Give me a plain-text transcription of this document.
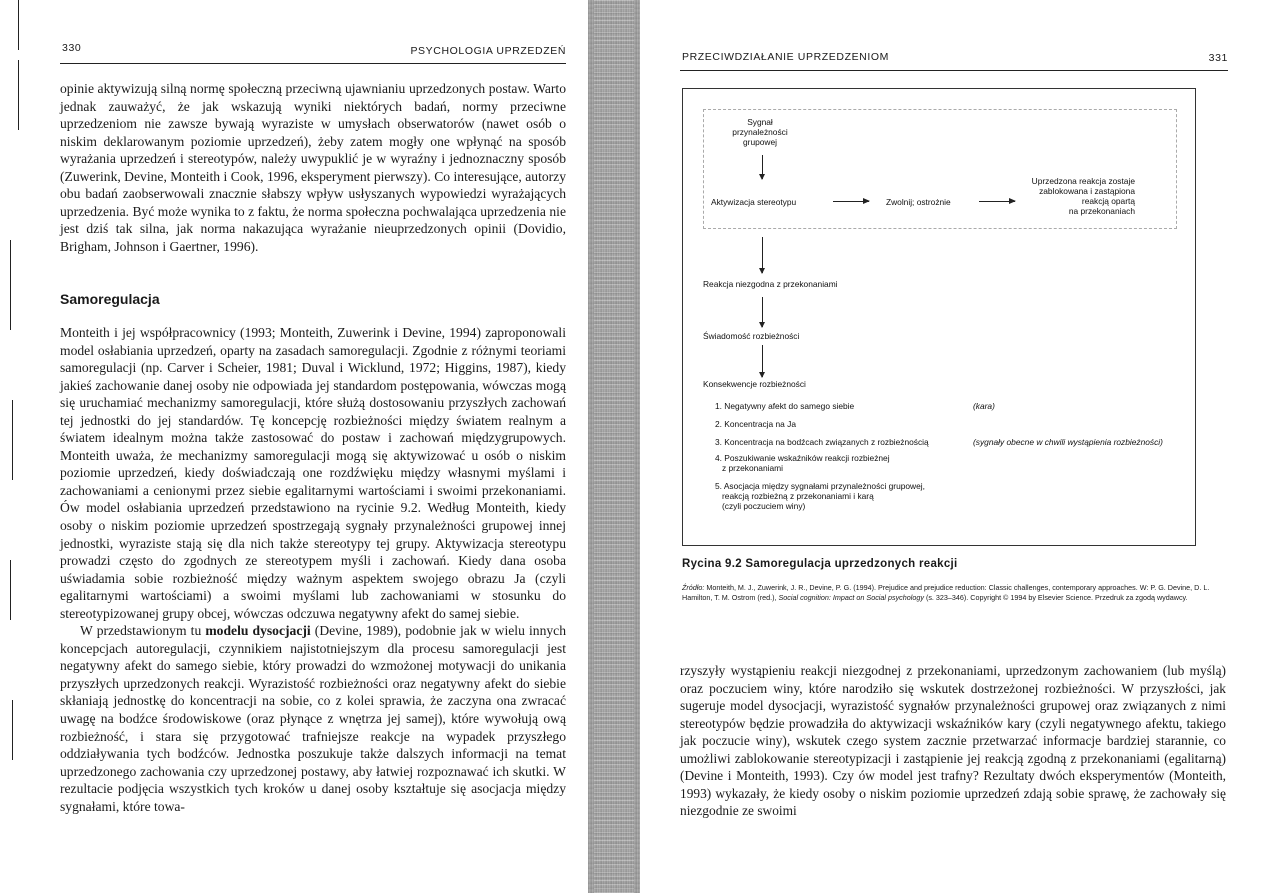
330	PSYCHOLOGIA UPRZEDZEŃ

opinie aktywizują silną normę społeczną przeciwną ujawnianiu uprzedzonych postaw. Warto jednak zauważyć, że jak wskazują wyniki niektórych badań, normy przeciwne uprzedzeniom nie zawsze bywają wyraziste w umysłach obserwatorów (nawet osób o niskim deklarowanym poziomie uprzedzeń), żeby zatem mogły one wpłynąć na sposób wyrażania uprzedzeń i stereotypów, należy uwypuklić je w wyraźny i jednoznaczny sposób (Zuwerink, Devine, Monteith i Cook, 1996, eksperyment pierwszy). Co interesujące, autorzy obu badań zaobserwowali znacznie słabszy wpływ usłyszanych wypowiedzi wyrażających uprzedzenia. Być może wynika to z faktu, że norma społeczna pochwalająca uprzedzenia nie jest dziś tak silna, jak norma nakazująca wyrażanie nieuprzedzonych opinii (Dovidio, Brigham, Johnson i Gaertner, 1996).

Samoregulacja

Monteith i jej współpracownicy (1993; Monteith, Zuwerink i Devine, 1994) zaproponowali model osłabiania uprzedzeń, oparty na zasadach samoregulacji. Zgodnie z różnymi teoriami samoregulacji (np. Carver i Scheier, 1981; Duval i Wicklund, 1972; Higgins, 1987), kiedy jakieś zachowanie danej osoby nie odpowiada jej standardom postępowania, wówczas mogą się uruchamiać mechanizmy samoregulacji, które służą dostosowaniu przyszłych zachowań tej jednostki do jej standardów. Tę koncepcję rozbieżności między światem realnym a światem idealnym można także zastosować do postaw i zachowań międzygrupowych. Monteith uważa, że mechanizmy samoregulacji mogą się aktywizować u osób o niskim poziomie uprzedzeń, kiedy doświadczają one rozdźwięku między własnymi myślami i zachowaniami a cenionymi przez siebie egalitarnymi wartościami i swoimi przekonaniami. Ów model osłabiania uprzedzeń przedstawiono na rycinie 9.2. Według Monteith, kiedy osoby o niskim poziomie uprzedzeń spostrzegają sygnały przynależności grupowej innej jednostki, wyraziste stają się dla nich także stereotypy tej grupy. Aktywizacja stereotypu prowadzi często do zgodnych ze stereotypem myśli i zachowań. Kiedy dana osoba uświadamia sobie rozbieżność między ważnym aspektem swojego obrazu Ja (czyli egalitarnymi wartościami) a swoimi myślami lub zachowaniami w stosunku do stereotypizowanej grupy obcej, wówczas odczuwa negatywny afekt do samej siebie.

W przedstawionym tu modelu dysocjacji (Devine, 1989), podobnie jak w wielu innych koncepcjach autoregulacji, czynnikiem najistotniejszym dla procesu samoregulacji jest negatywny afekt do samego siebie, który prowadzi do wzmożonej motywacji do unikania przyszłych uprzedzonych reakcji. Wyrazistość rozbieżności oraz negatywny afekt do siebie skłaniają jednostkę do koncentracji na sobie, co z kolei sprawia, że zaczyna ona zwracać uwagę na bodźce środowiskowe (oraz płynące z wnętrza jej samej), które wywołują ową rozbieżność, i stara się przygotować trafniejsze reakcje na wypadek przyszłego oddziaływania tych bodźców. Jednostka poszukuje także dalszych informacji na temat uprzedzonego zachowania czy uprzedzonej postawy, aby łatwiej rozpoznawać ich skutki. W rezultacie podjęcia wszystkich tych kroków u danej osoby kształtuje się asocjacja między sygnałami, które towa-

PRZECIWDZIAŁANIE UPRZEDZENIOM	331
Sygnał
przynależności
grupowej
Aktywizacja stereotypu	Zwolnij; ostrożnie
Uprzedzona reakcja zostaje
zablokowana i zastąpiona
reakcją opartą
na przekonaniach
Reakcja niezgodna z przekonaniami
Świadomość rozbieżności
Konsekwencje rozbieżności
1. Negatywny afekt do samego siebie	(kara)
2. Koncentracja na Ja
3. Koncentracja na bodźcach związanych z rozbieżnością	(sygnały obecne w chwili wystąpienia rozbieżności)
4. Poszukiwanie wskaźników reakcji rozbieżnej
z przekonaniami
5. Asocjacja między sygnałami przynależności grupowej,
reakcją rozbieżną z przekonaniami i karą
(czyli poczuciem winy)
Rycina 9.2 Samoregulacja uprzedzonych reakcji
Źródło: Monteith, M. J., Zuwerink, J. R., Devine, P. G. (1994). Prejudice and prejudice reduction: Classic challenges, contemporary approaches. W: P. G. Devine, D. L. Hamilton, T. M. Ostrom (red.), Social cognition: Impact on Social psychology (s. 323–346). Copyright © 1994 by Elsevier Science. Przedruk za zgodą wydawcy.

rzyszyły wystąpieniu reakcji niezgodnej z przekonaniami, uprzedzonym zachowaniem (lub myślą) oraz poczuciem winy, które narodziło się wskutek dostrzeżonej rozbieżności. W przyszłości, jak sugeruje model dysocjacji, wyrazistość sygnałów przynależności grupowej oraz związanych z nimi stereotypów będzie prowadziła do aktywizacji wskaźników kary (czyli negatywnego afektu, takiego jak poczucie winy), wskutek czego system zacznie przetwarzać informacje bardziej starannie, co umożliwi zablokowanie stereotypizacji i zastąpienie jej reakcją zgodną z przekonaniami (egalitarną) (Devine i Monteith, 1993). Czy ów model jest trafny? Rezultaty dwóch eksperymentów (Monteith, 1993) wykazały, że kiedy osoby o niskim poziomie uprzedzeń zdają sobie sprawę, że zachowały się niezgodnie ze swoimi
